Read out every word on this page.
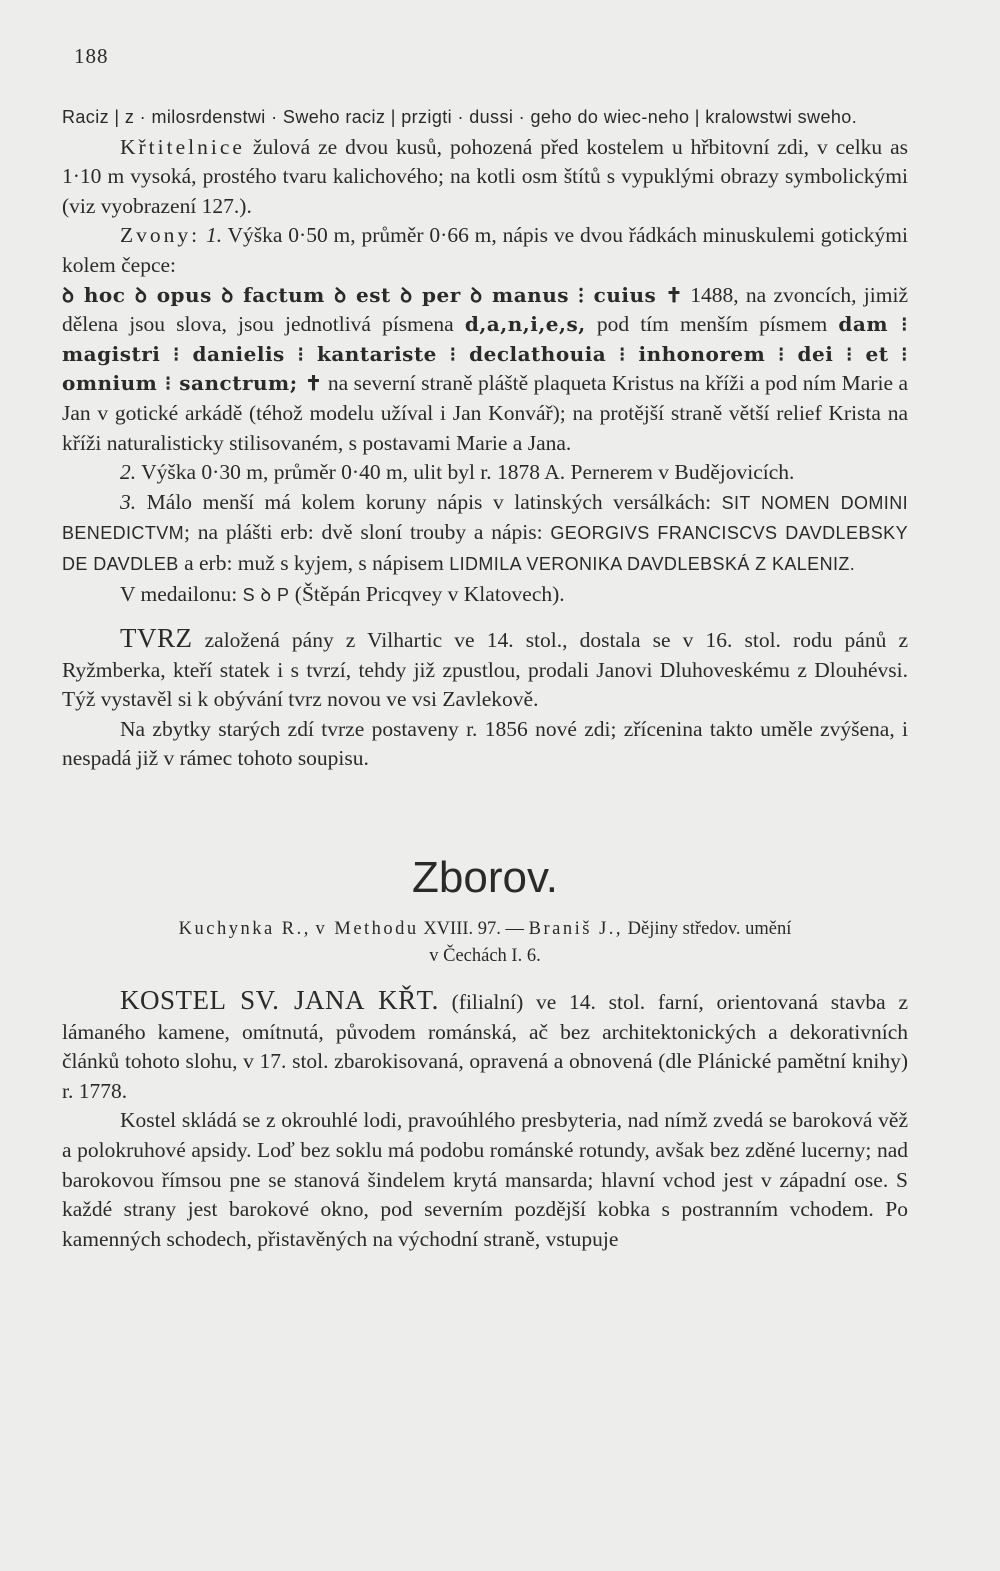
188

Raciz | z · milosrdenstwi · Sweho raciz | przigti · dussi · geho do wiec-neho | kralowstwi sweho.

Křtitelnice žulová ze dvou kusů, pohozená před kostelem u hřbitovní zdi, v celku as 1·10 m vysoká, prostého tvaru kalichového; na kotli osm štítů s vypuklými obrazy symbolickými (viz vyobrazení 127.).

Zvony: 1. Výška 0·50 m, průměr 0·66 m, nápis ve dvou řádkách minuskulemi gotickými kolem čepce:
ꝺ hoc ꝺ opus ꝺ factum ꝺ est ꝺ per ꝺ manus ⁝ cuius ✝ 1488, na zvoncích, jimiž dělena jsou slova, jsou jednotlivá písmena d,a,n,i,e,s, pod tím menším písmem dam ⁝ magistri ⁝ danielis ⁝ kantariste ⁝ declathouia ⁝ inhonorem ⁝ dei ⁝ et ⁝ omnium ⁝ sanctrum; ✝ na severní straně pláště plaqueta Kristus na kříži a pod ním Marie a Jan v gotické arkádě (téhož modelu užíval i Jan Konvář); na protější straně větší relief Krista na kříži naturalisticky stilisovaném, s postavami Marie a Jana.

2. Výška 0·30 m, průměr 0·40 m, ulit byl r. 1878 A. Pernerem v Budějovicích.

3. Málo menší má kolem koruny nápis v latinských versálkách: SIT NOMEN DOMINI BENEDICTVM; na plášti erb: dvě sloní trouby a nápis: GEORGIVS FRANCISCVS DAVDLEBSKY DE DAVDLEB a erb: muž s kyjem, s nápisem LIDMILA VERONIKA DAVDLEBSKÁ Z KALENIZ.

V medailonu: S ꝺ P (Štěpán Pricqvey v Klatovech).

TVRZ založená pány z Vilhartic ve 14. stol., dostala se v 16. stol. rodu pánů z Ryžmberka, kteří statek i s tvrzí, tehdy již zpustlou, prodali Janovi Dluhoveskému z Dlouhévsi. Týž vystavěl si k obývání tvrz novou ve vsi Zavlekově.

Na zbytky starých zdí tvrze postaveny r. 1856 nové zdi; zřícenina takto uměle zvýšena, i nespadá již v rámec tohoto soupisu.

Zborov.
Kuchynka R., v Methodu XVIII. 97. — Braniš J., Dějiny středov. umění
v Čechách I. 6.

KOSTEL SV. JANA KŘT. (filialní) ve 14. stol. farní, orientovaná stavba z lámaného kamene, omítnutá, původem románská, ač bez architektonických a dekorativních článků tohoto slohu, v 17. stol. zbarokisovaná, opravená a obnovená (dle Plánické pamětní knihy) r. 1778.

Kostel skládá se z okrouhlé lodi, pravoúhlého presbyteria, nad nímž zvedá se baroková věž a polokruhové apsidy. Loď bez soklu má podobu románské rotundy, avšak bez zděné lucerny; nad barokovou římsou pne se stanová šindelem krytá mansarda; hlavní vchod jest v západní ose. S každé strany jest barokové okno, pod severním pozdější kobka s postranním vchodem. Po kamenných schodech, přistavěných na východní straně, vstupuje
